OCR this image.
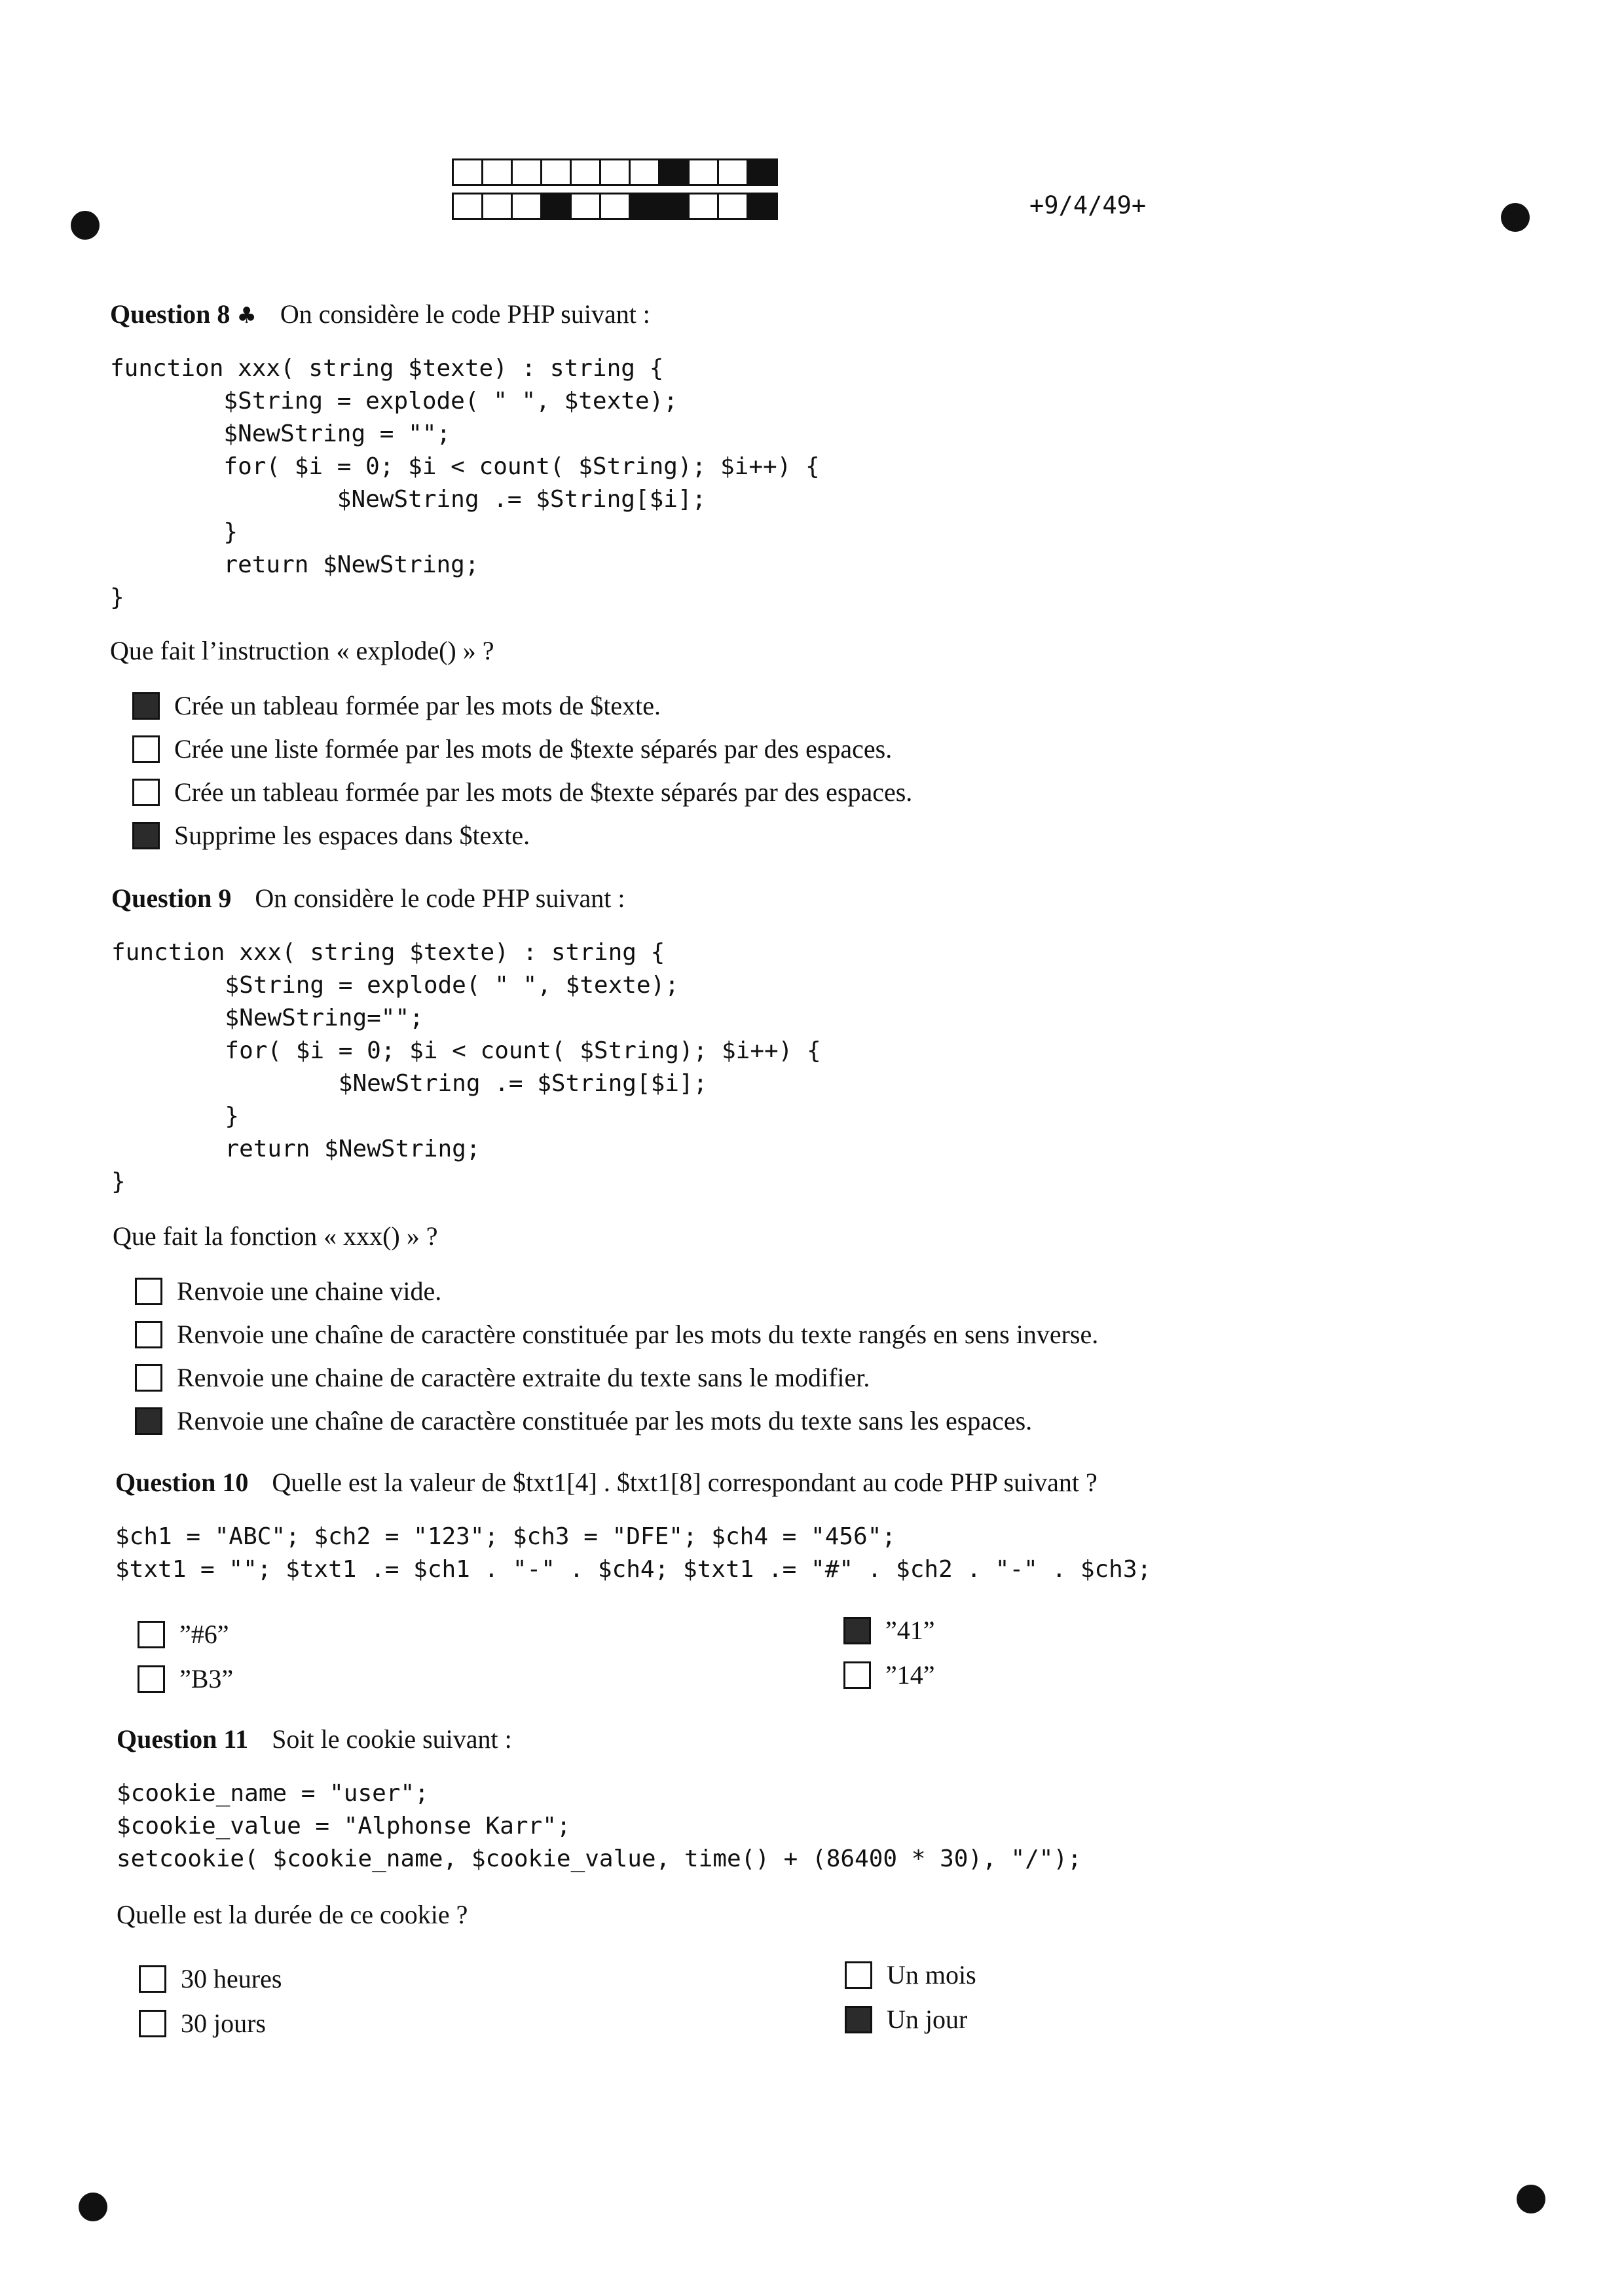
+9/4/49+
Question 8 ♣ On considère le code PHP suivant :
function xxx( string $texte) : string {
$String = explode( " ", $texte);
$NewString = "";
for( $i = 0; $i < count( $String); $i++) {
$NewString .= $String[$i];
}
return $NewString;
}
Que fait l’instruction « explode() » ?
Crée un tableau formée par les mots de $texte.
Crée une liste formée par les mots de $texte séparés par des espaces.
Crée un tableau formée par les mots de $texte séparés par des espaces.
Supprime les espaces dans $texte.
Question 9 On considère le code PHP suivant :
function xxx( string $texte) : string {
$String = explode( " ", $texte);
$NewString="";
for( $i = 0; $i < count( $String); $i++) {
$NewString .= $String[$i];
}
return $NewString;
}
Que fait la fonction « xxx() » ?
Renvoie une chaine vide.
Renvoie une chaîne de caractère constituée par les mots du texte rangés en sens inverse.
Renvoie une chaine de caractère extraite du texte sans le modifier.
Renvoie une chaîne de caractère constituée par les mots du texte sans les espaces.
Question 10 Quelle est la valeur de $txt1[4] . $txt1[8] correspondant au code PHP suivant ?
$ch1 = "ABC"; $ch2 = "123"; $ch3 = "DFE"; $ch4 = "456";
$txt1 = ""; $txt1 .= $ch1 . "-" . $ch4; $txt1 .= "#" . $ch2 . "-" . $ch3;
”#6”
”B3”
”41”
”14”
Question 11 Soit le cookie suivant :
$cookie_name = "user";
$cookie_value = "Alphonse Karr";
setcookie( $cookie_name, $cookie_value, time() + (86400 * 30), "/");
Quelle est la durée de ce cookie ?
30 heures
30 jours
Un mois
Un jour
